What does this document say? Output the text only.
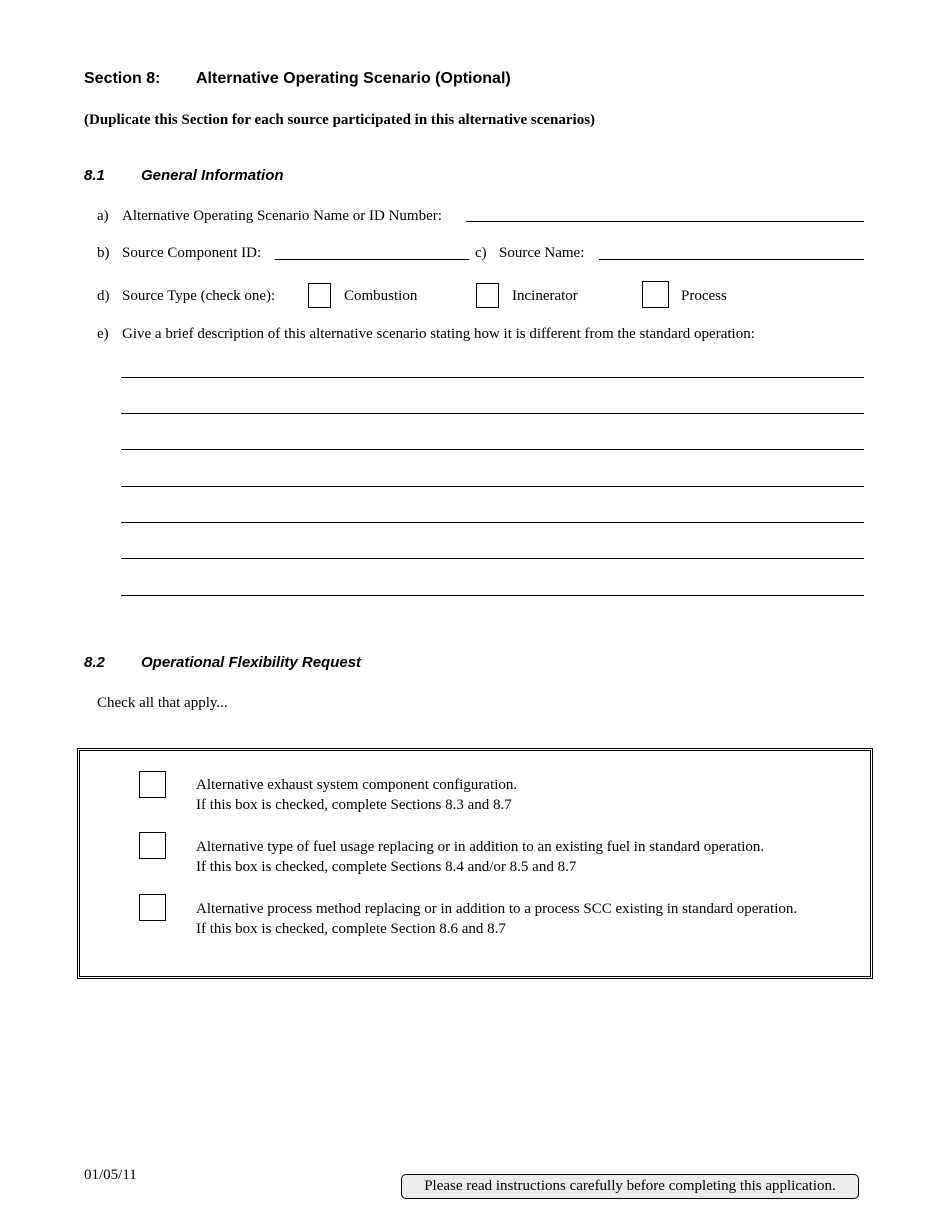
Section 8: Alternative Operating Scenario (Optional)
(Duplicate this Section for each source participated in this alternative scenarios)
8.1 General Information
a) Alternative Operating Scenario Name or ID Number:
b) Source Component ID:	c) Source Name:
d) Source Type (check one):	Combustion	Incinerator	Process
e) Give a brief description of this alternative scenario stating how it is different from the standard operation:
8.2 Operational Flexibility Request
Check all that apply...
Alternative exhaust system component configuration.
If this box is checked, complete Sections 8.3 and 8.7
Alternative type of fuel usage replacing or in addition to an existing fuel in standard operation.
If this box is checked, complete Sections 8.4 and/or 8.5 and 8.7
Alternative process method replacing or in addition to a process SCC existing in standard operation.
If this box is checked, complete Section 8.6 and 8.7
01/05/11
Please read instructions carefully before completing this application.
